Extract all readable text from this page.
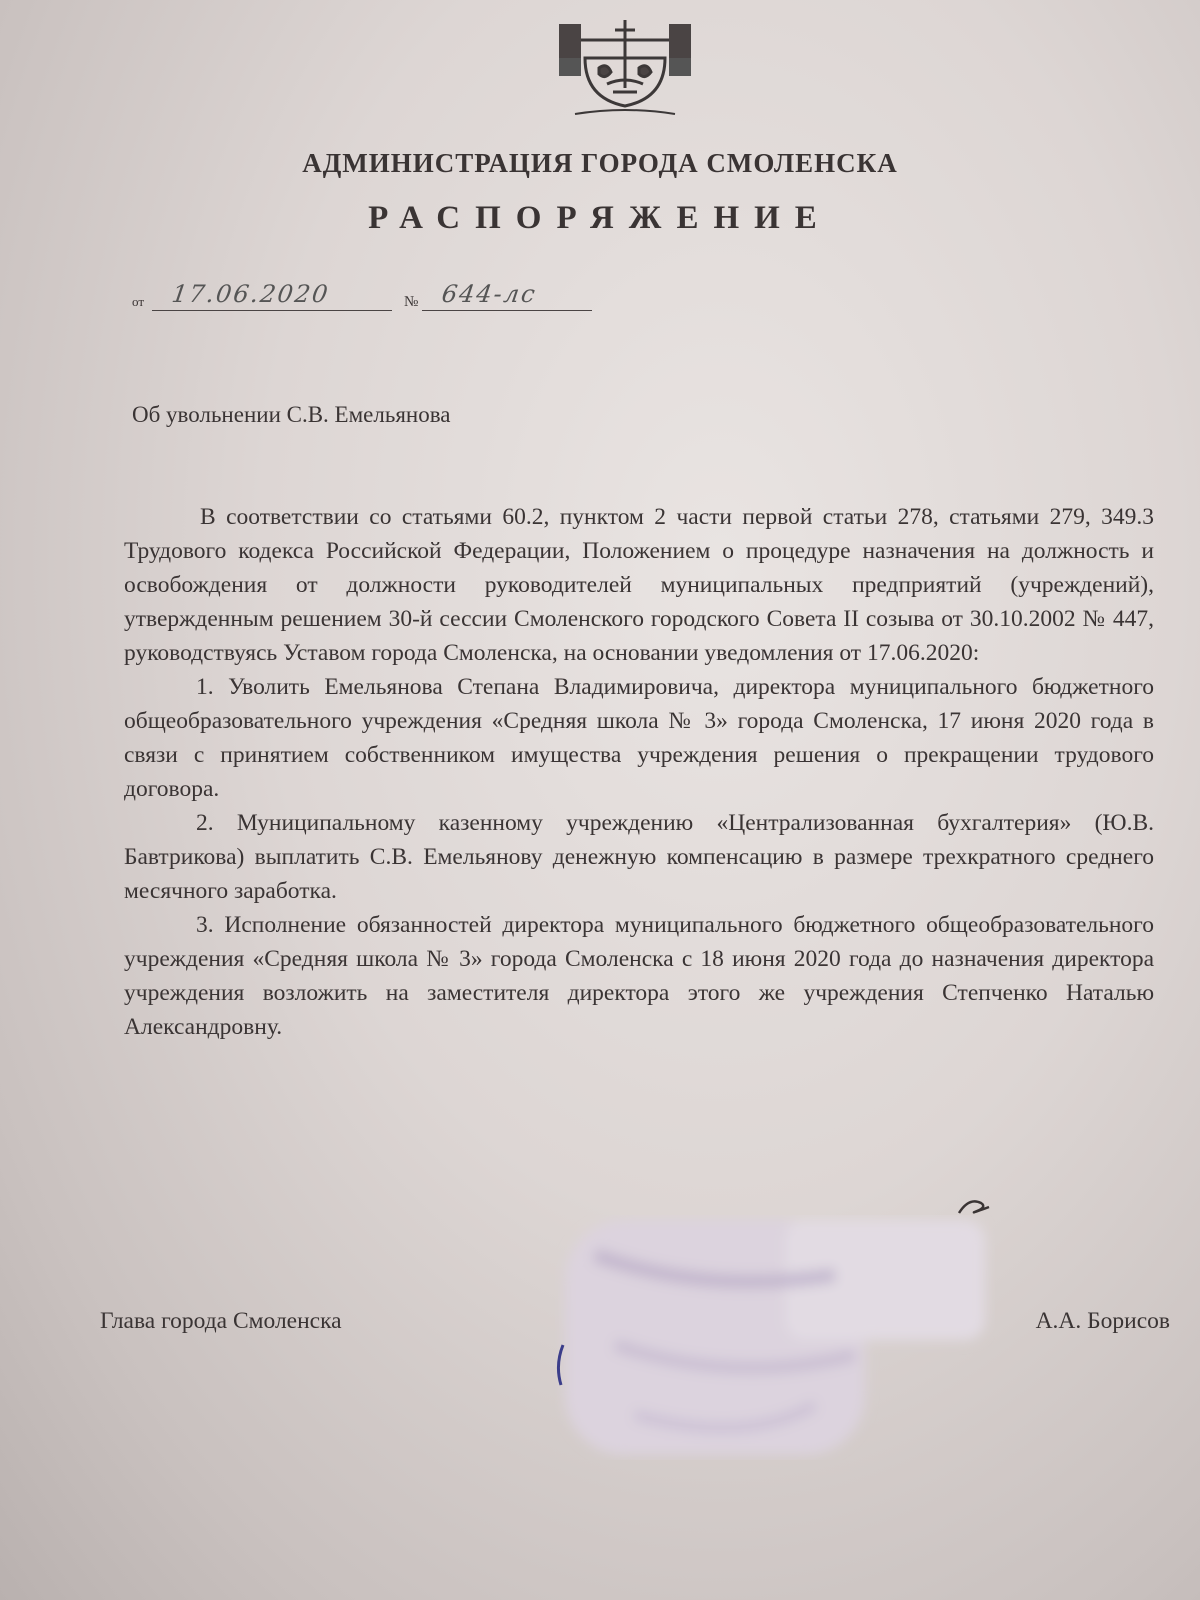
АДМИНИСТРАЦИЯ ГОРОДА СМОЛЕНСКА
РАСПОРЯЖЕНИЕ
от 17.06.2020	№ 644-лс
Об увольнении С.В. Емельянова

В соответствии со статьями 60.2, пунктом 2 части первой статьи 278, статьями 279, 349.3 Трудового кодекса Российской Федерации, Положением о процедуре назначения на должность и освобождения от должности руководителей муниципальных предприятий (учреждений), утвержденным решением 30-й сессии Смоленского городского Совета II созыва от 30.10.2002 № 447, руководствуясь Уставом города Смоленска, на основании уведомления от 17.06.2020:

1. Уволить Емельянова Степана Владимировича, директора муниципального бюджетного общеобразовательного учреждения «Средняя школа № 3» города Смоленска, 17 июня 2020 года в связи с принятием собственником имущества учреждения решения о прекращении трудового договора.

2. Муниципальному казенному учреждению «Централизованная бухгалтерия» (Ю.В. Бавтрикова) выплатить С.В. Емельянову денежную компенсацию в размере трехкратного среднего месячного заработка.

3. Исполнение обязанностей директора муниципального бюджетного общеобразовательного учреждения «Средняя школа № 3» города Смоленска с 18 июня 2020 года до назначения директора учреждения возложить на заместителя директора этого же учреждения Степченко Наталью Александровну.

Глава города Смоленска	А.А. Борисов
